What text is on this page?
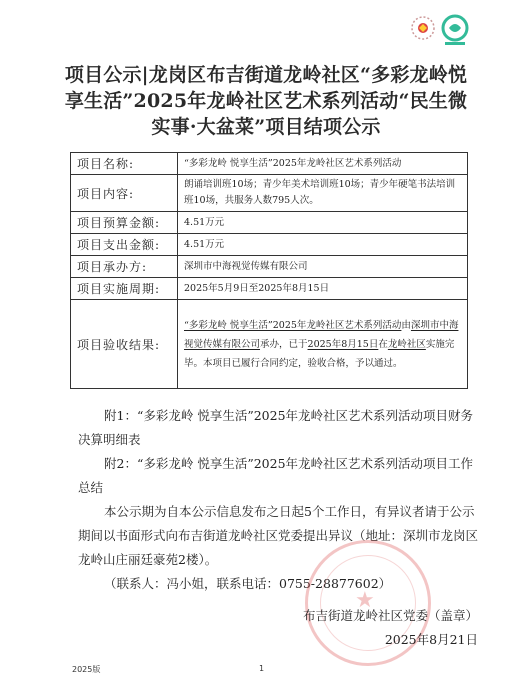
项目公示|龙岗区布吉街道龙岭社区“多彩龙岭悦享生活”2025年龙岭社区艺术系列活动“民生微实事·大盆菜”项目结项公示
项目名称:	“多彩龙岭 悦享生活”2025年龙岭社区艺术系列活动
项目内容:	朗诵培训班10场；青少年美术培训班10场；青少年硬笔书法培训班10场，共服务人数795人次。
项目预算金额:	4.51万元
项目支出金额:	4.51万元
项目承办方:	深圳市中海视觉传媒有限公司
项目实施周期:	2025年5月9日至2025年8月15日
项目验收结果:	“多彩龙岭 悦享生活”2025年龙岭社区艺术系列活动由深圳市中海视觉传媒有限公司承办，已于2025年8月15日在龙岭社区实施完毕。本项目已履行合同约定，验收合格，予以通过。

附1：“多彩龙岭 悦享生活”2025年龙岭社区艺术系列活动项目财务决算明细表

附2：“多彩龙岭 悦享生活”2025年龙岭社区艺术系列活动项目工作总结

本公示期为自本公示信息发布之日起5个工作日，有异议者请于公示期间以书面形式向布吉街道龙岭社区党委提出异议（地址：深圳市龙岗区龙岭山庄丽廷豪苑2楼）。

（联系人：冯小姐，联系电话：0755-28877602）

★
布吉街道龙岭社区党委（盖章）
2025年8月21日
2025版	1
